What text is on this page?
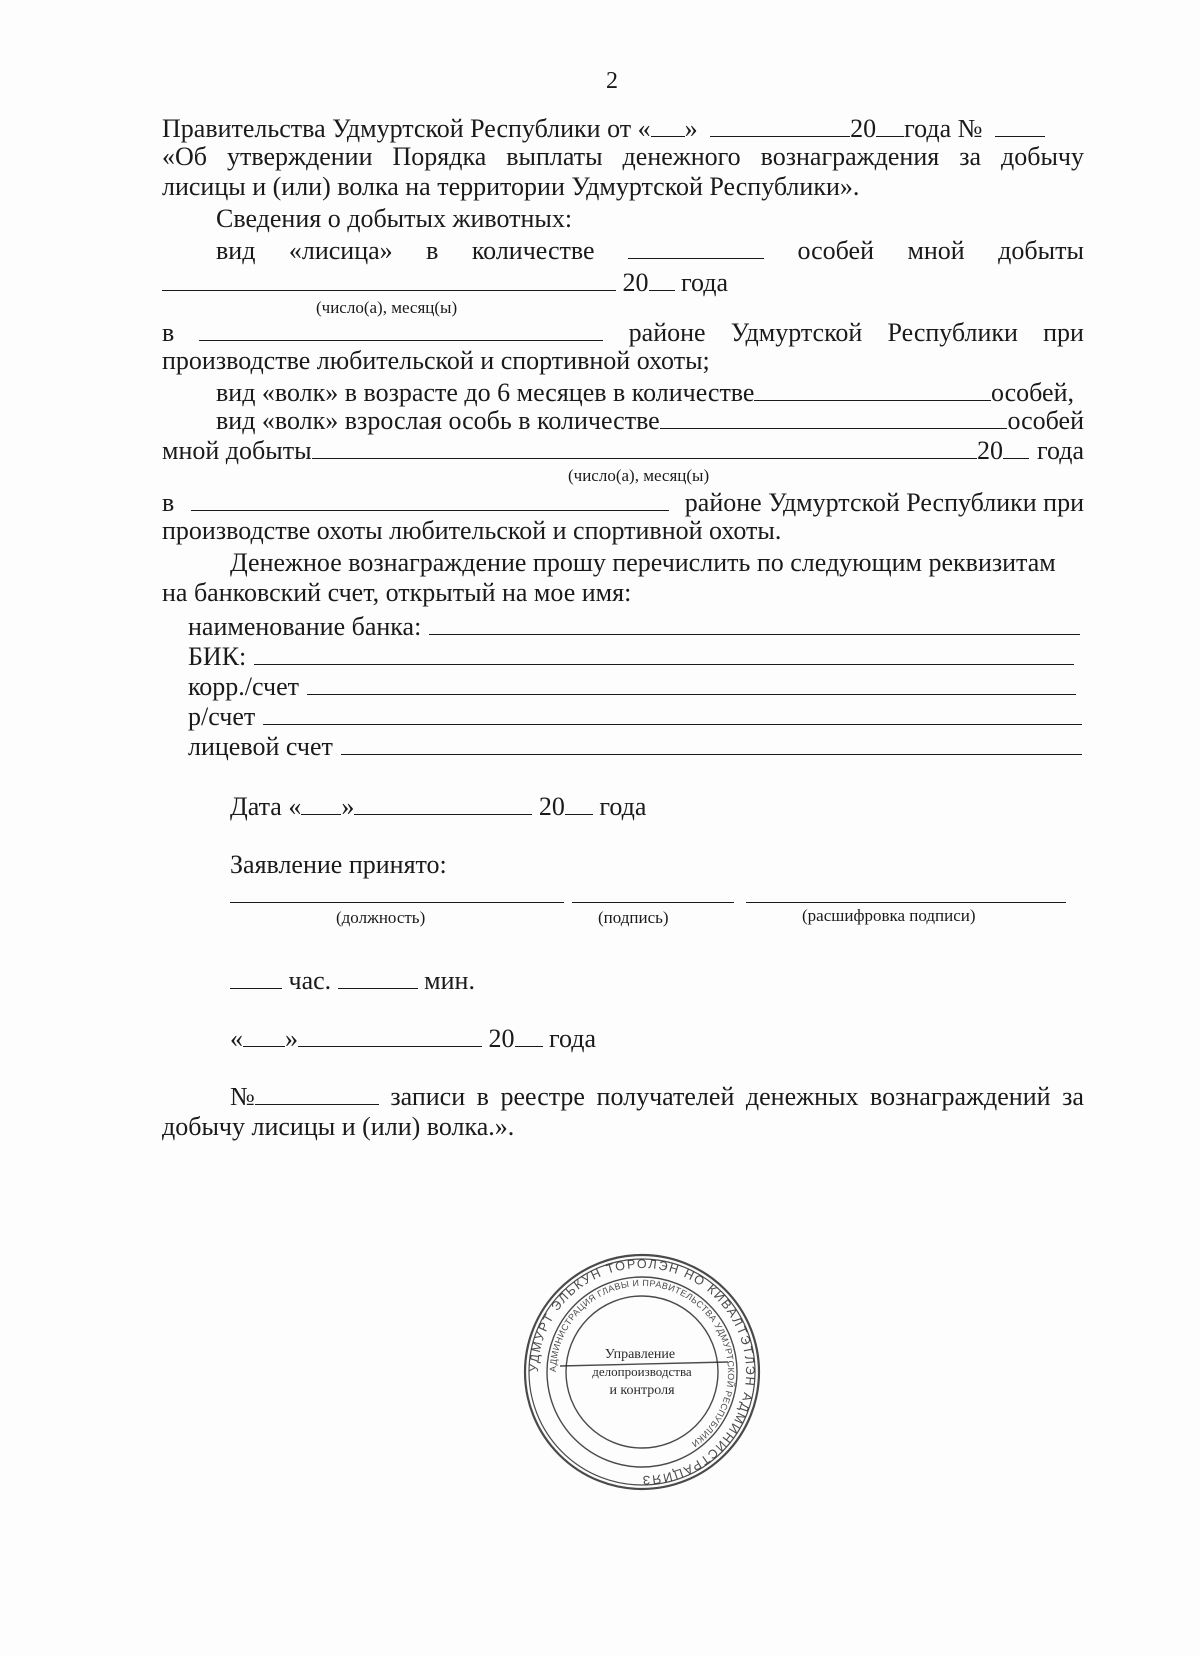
2
Правительства Удмуртской Республики от « »	20 года №
«Об утверждении Порядка выплаты денежного вознаграждения за добычу
лисицы и (или) волка на территории Удмуртской Республики».
Сведения о добытых животных:
вид «лисица» в количестве	особей мной добыты
20 года
(число(а), месяц(ы)
в	районе Удмуртской Республики при
производстве любительской и спортивной охоты;
вид «волк» в возрасте до 6 месяцев в количестве	особей,
вид «волк» взрослая особь в количестве	особей
мной добыты	20 года
(число(а), месяц(ы)
в	районе Удмуртской Республики при
производстве охоты любительской и спортивной охоты.
Денежное вознаграждение прошу перечислить по следующим реквизитам
на банковский счет, открытый на мое имя:
наименование банка:
БИК:
корр./счет
р/счет
лицевой счет
Дата « »	20 года
Заявление принято:
(должность)	(подпись)	(расшифровка подписи)
час.	мин.
« »	20 года
№	записи в реестре получателей денежных вознаграждений за
добычу лисицы и (или) волка.».
УДМУРТ ЭЛЬКУН ТОРОЛЭН НО КИВАЛТЭТЛЭН АДМИНИСТРАЦИЯЗ
АДМИНИСТРАЦИЯ ГЛАВЫ И ПРАВИТЕЛЬСТВА УДМУРТСКОЙ РЕСПУБЛИКИ
Управление
делопроизводства
и контроля
